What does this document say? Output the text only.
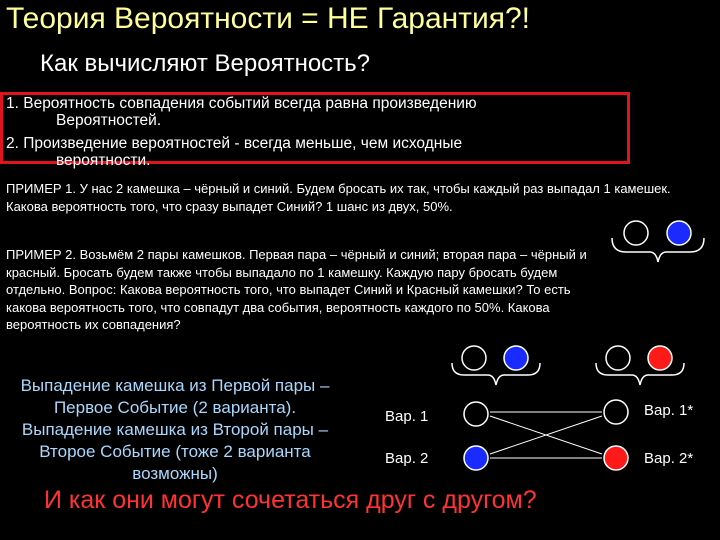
Теория Вероятности = НЕ Гарантия?!
Как вычисляют Вероятность?
1. Вероятность совпадения событий всегда равна произведению
Вероятностей.
2. Произведение вероятностей - всегда меньше, чем исходные
вероятности.
ПРИМЕР 1. У нас 2 камешка – чёрный и синий. Будем бросать их так, чтобы каждый раз выпадал 1 камешек. Какова вероятность того, что сразу выпадет Синий? 1 шанс из двух, 50%.
ПРИМЕР 2. Возьмём 2 пары камешков. Первая пара – чёрный и синий; вторая пара – чёрный и красный. Бросать будем также чтобы выпадало по 1 камешку. Каждую пару бросать будем отдельно. Вопрос: Какова вероятность того, что выпадет Синий и Красный камешки? То есть какова вероятность того, что совпадут два события, вероятность каждого по 50%. Какова вероятность их совпадения?
Выпадение камешка из Первой пары – Первое Событие (2 варианта). Выпадение камешка из Второй пары – Второе Событие (тоже 2 варианта возможны)
Вар. 1
Вар. 2
Вар. 1*
Вар. 2*
И как они могут сочетаться друг с другом?
